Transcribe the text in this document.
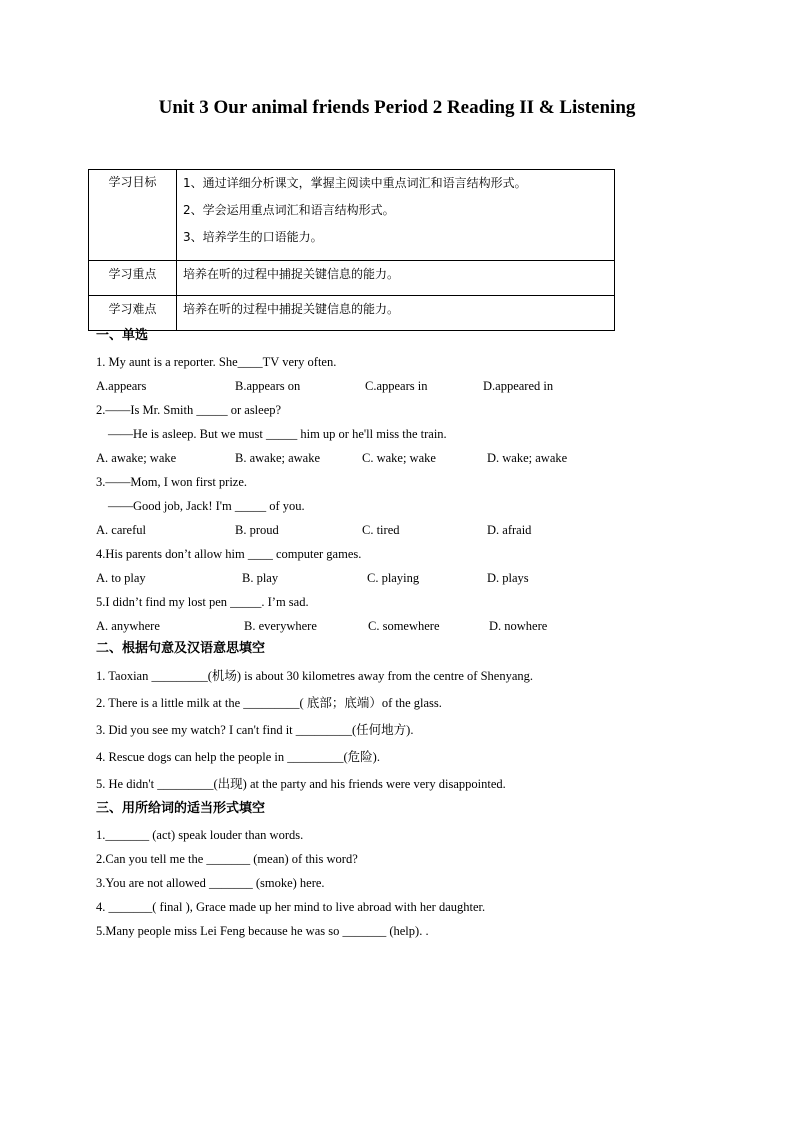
Unit 3 Our animal friends Period 2 Reading II & Listening
学习目标	1、通过详细分析课文，掌握主阅读中重点词汇和语言结构形式。
2、学会运用重点词汇和语言结构形式。
3、培养学生的口语能力。

学习重点	培养在听的过程中捕捉关键信息的能力。
学习难点	培养在听的过程中捕捉关键信息的能力。
一、单选
1. My aunt is a reporter. She____TV very often.
A.appears	B.appears on	C.appears in	D.appeared in
2.——Is Mr. Smith _____ or asleep?
——He is asleep. But we must _____ him up or he'll miss the train.
A. awake; wake	B. awake; awake	C. wake; wake	D. wake; awake
3.——Mom, I won first prize.
——Good job, Jack! I'm _____ of you.
A. careful	B. proud	C. tired	D. afraid
4.His parents don’t allow him ____ computer games.
A. to play	B. play	C. playing	D. plays
5.I didn’t find my lost pen _____. I’m sad.
A. anywhere	B. everywhere	C. somewhere	D. nowhere
二、根据句意及汉语意思填空
1. Taoxian _________(机场) is about 30 kilometres away from the centre of Shenyang.
2. There is a little milk at the _________( 底部；底端）of the glass.
3. Did you see my watch? I can't find it _________(任何地方).
4. Rescue dogs can help the people in _________(危险).
5. He didn't _________(出现) at the party and his friends were very disappointed.
三、用所给词的适当形式填空
1._______ (act) speak louder than words.
2.Can you tell me the _______ (mean) of this word?
3.You are not allowed _______ (smoke) here.
4. _______( final ), Grace made up her mind to live abroad with her daughter.
5.Many people miss Lei Feng because he was so _______ (help). .
